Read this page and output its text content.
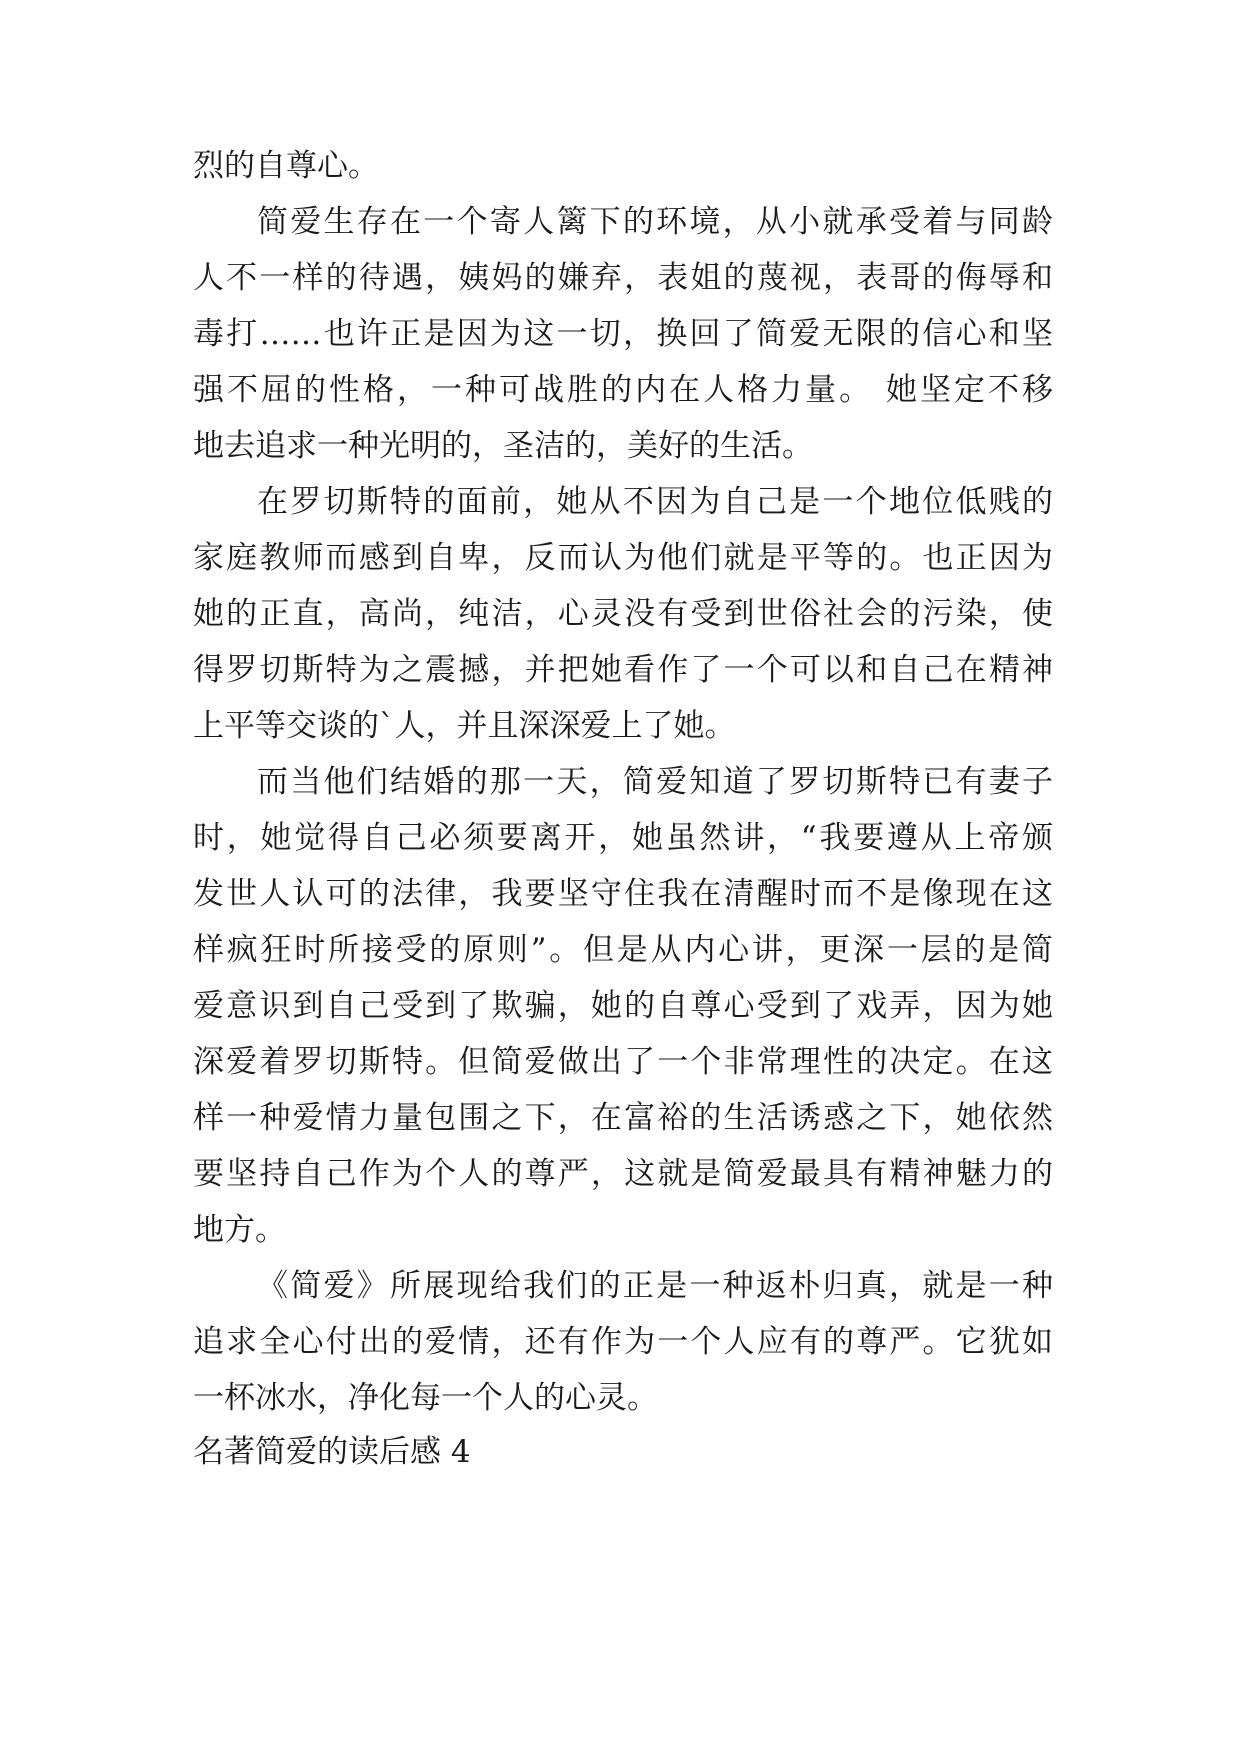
烈的自尊心。
简爱生存在一个寄人篱下的环境，从小就承受着与同龄
人不一样的待遇，姨妈的嫌弃，表姐的蔑视，表哥的侮辱和
毒打……也许正是因为这一切，换回了简爱无限的信心和坚
强不屈的性格，一种可战胜的内在人格力量。 她坚定不移
地去追求一种光明的，圣洁的，美好的生活。
在罗切斯特的面前，她从不因为自己是一个地位低贱的
家庭教师而感到自卑，反而认为他们就是平等的。也正因为
她的正直，高尚，纯洁，心灵没有受到世俗社会的污染，使
得罗切斯特为之震撼，并把她看作了一个可以和自己在精神
上平等交谈的`人，并且深深爱上了她。
而当他们结婚的那一天，简爱知道了罗切斯特已有妻子
时，她觉得自己必须要离开，她虽然讲，“我要遵从上帝颁
发世人认可的法律，我要坚守住我在清醒时而不是像现在这
样疯狂时所接受的原则”。但是从内心讲，更深一层的是简
爱意识到自己受到了欺骗，她的自尊心受到了戏弄，因为她
深爱着罗切斯特。但简爱做出了一个非常理性的决定。在这
样一种爱情力量包围之下，在富裕的生活诱惑之下，她依然
要坚持自己作为个人的尊严，这就是简爱最具有精神魅力的
地方。
《简爱》所展现给我们的正是一种返朴归真，就是一种
追求全心付出的爱情，还有作为一个人应有的尊严。它犹如
一杯冰水，净化每一个人的心灵。
名著简爱的读后感 4
